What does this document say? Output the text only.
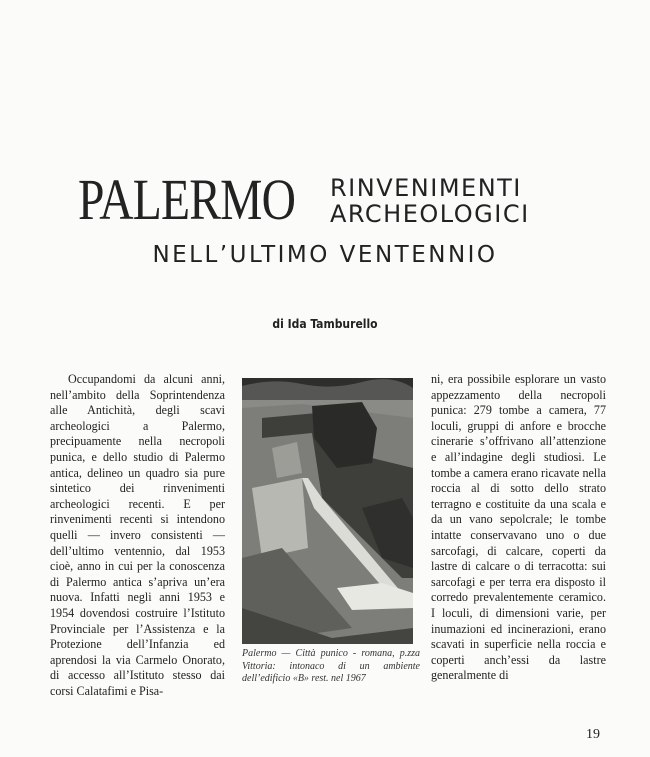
PALERMO RINVENIMENTI
ARCHEOLOGICI
NELL’ULTIMO VENTENNIO
di Ida Tamburello
Occupandomi da alcuni anni, nell’ambito della Soprintendenza alle Antichità, degli scavi archeologici a Palermo, precipuamente nella necropoli punica, e dello studio di Palermo antica, delineo un quadro sia pure sintetico dei rinvenimenti archeologici recenti. E per rinvenimenti recenti si intendono quelli — invero consistenti — dell’ultimo ventennio, dal 1953 cioè, anno in cui per la conoscenza di Palermo antica s’apriva un’era nuova. Infatti negli anni 1953 e 1954 dovendosi costruire l’Istituto Provinciale per l’Assistenza e la Protezione dell’Infanzia ed aprendosi la via Carmelo Onorato, di accesso all’Istituto stesso dai corsi Calatafimi e Pisa-
Palermo — Città punico - romana, p.zza Vittoria: intonaco di un ambiente dell’edificio «B» rest. nel 1967
ni, era possibile esplorare un vasto appezzamento della necropoli punica: 279 tombe a camera, 77 loculi, gruppi di anfore e brocche cinerarie s’offrivano all’attenzione e all’indagine degli studiosi. Le tombe a camera erano ricavate nella roccia al di sotto dello strato terragno e costituite da una scala e da un vano sepolcrale; le tombe intatte conservavano uno o due sarcofagi, di calcare, coperti da lastre di calcare o di terracotta: sui sarcofagi e per terra era disposto il corredo prevalentemente ceramico. I loculi, di dimensioni varie, per inumazioni ed incinerazioni, erano scavati in superficie nella roccia e coperti anch’essi da lastre generalmente di
19
